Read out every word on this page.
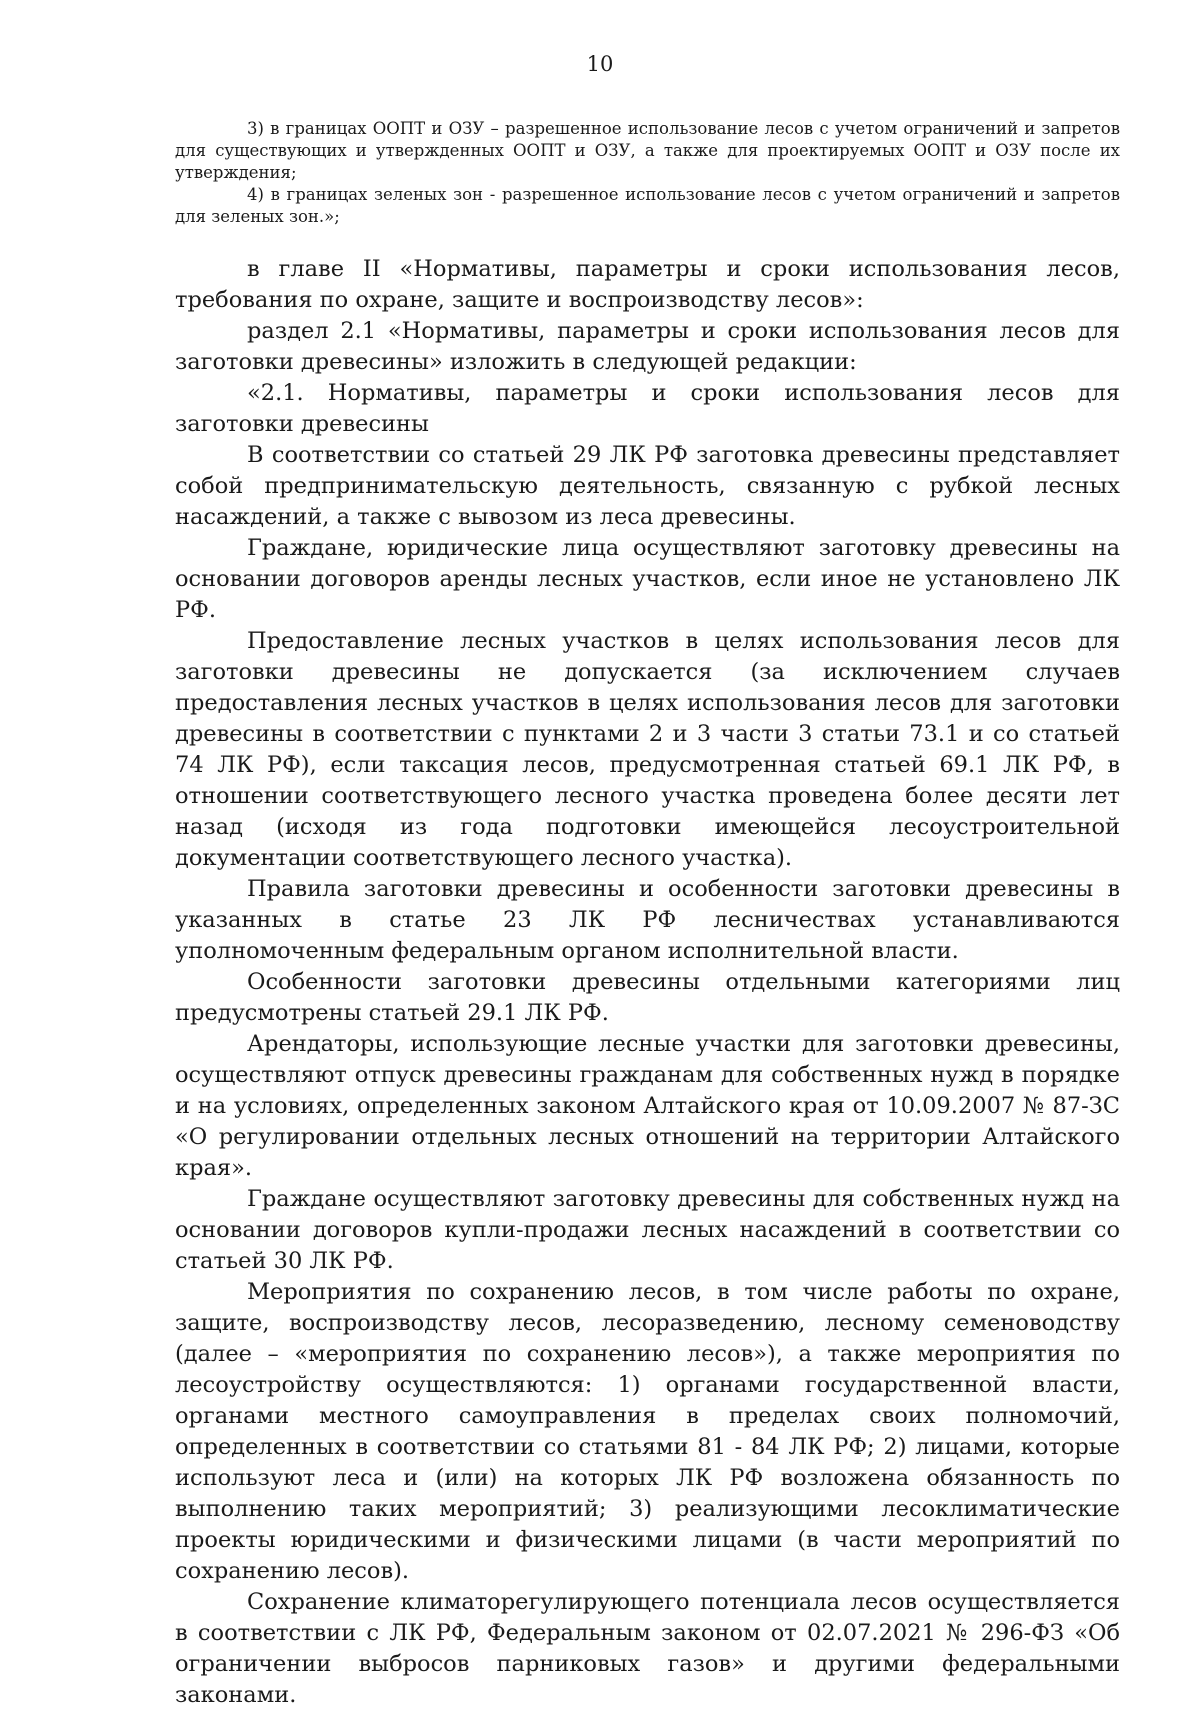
10

3) в границах ООПТ и ОЗУ – разрешенное использование лесов с учетом ограничений и запретов для существующих и утвержденных ООПТ и ОЗУ, а также для проектируемых ООПТ и ОЗУ после их утверждения;

4) в границах зеленых зон - разрешенное использование лесов с учетом ограничений и запретов для зеленых зон.»;

в главе II «Нормативы, параметры и сроки использования лесов, требования по охране, защите и воспроизводству лесов»:

раздел 2.1 «Нормативы, параметры и сроки использования лесов для заготовки древесины» изложить в следующей редакции:

«2.1. Нормативы, параметры и сроки использования лесов для заготовки древесины

В соответствии со статьей 29 ЛК РФ заготовка древесины представляет собой предпринимательскую деятельность, связанную с рубкой лесных насаждений, а также с вывозом из леса древесины.

Граждане, юридические лица осуществляют заготовку древесины на основании договоров аренды лесных участков, если иное не установлено ЛК РФ.

Предоставление лесных участков в целях использования лесов для заготовки древесины не допускается (за исключением случаев предоставления лесных участков в целях использования лесов для заготовки древесины в соответствии с пунктами 2 и 3 части 3 статьи 73.1 и со статьей 74 ЛК РФ), если таксация лесов, предусмотренная статьей 69.1 ЛК РФ, в отношении соответствующего лесного участка проведена более десяти лет назад (исходя из года подготовки имеющейся лесоустроительной документации соответствующего лесного участка).

Правила заготовки древесины и особенности заготовки древесины в указанных в статье 23 ЛК РФ лесничествах устанавливаются уполномоченным федеральным органом исполнительной власти.

Особенности заготовки древесины отдельными категориями лиц предусмотрены статьей 29.1 ЛК РФ.

Арендаторы, использующие лесные участки для заготовки древесины, осуществляют отпуск древесины гражданам для собственных нужд в порядке и на условиях, определенных законом Алтайского края от 10.09.2007 № 87-ЗС «О регулировании отдельных лесных отношений на территории Алтайского края».

Граждане осуществляют заготовку древесины для собственных нужд на основании договоров купли-продажи лесных насаждений в соответствии со статьей 30 ЛК РФ.

Мероприятия по сохранению лесов, в том числе работы по охране, защите, воспроизводству лесов, лесоразведению, лесному семеноводству (далее – «мероприятия по сохранению лесов»), а также мероприятия по лесоустройству осуществляются: 1) органами государственной власти, органами местного самоуправления в пределах своих полномочий, определенных в соответствии со статьями 81 - 84 ЛК РФ; 2) лицами, которые используют леса и (или) на которых ЛК РФ возложена обязанность по выполнению таких мероприятий; 3) реализующими лесоклиматические проекты юридическими и физическими лицами (в части мероприятий по сохранению лесов).

Сохранение климаторегулирующего потенциала лесов осуществляется в соответствии с ЛК РФ, Федеральным законом от 02.07.2021 № 296-ФЗ «Об ограничении выбросов парниковых газов» и другими федеральными законами.
